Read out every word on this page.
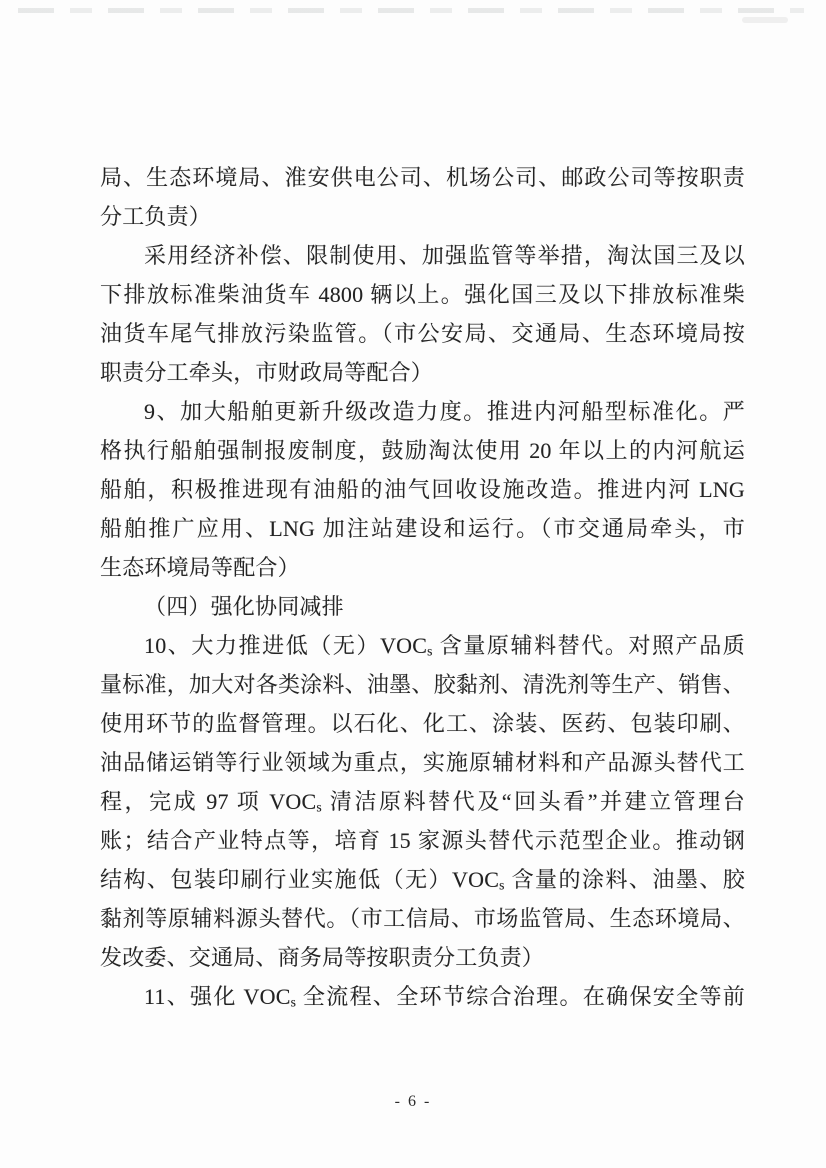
局、生态环境局、淮安供电公司、机场公司、邮政公司等按职责
分工负责）
采用经济补偿、限制使用、加强监管等举措，淘汰国三及以
下排放标准柴油货车 4800 辆以上。强化国三及以下排放标准柴
油货车尾气排放污染监管。（市公安局、交通局、生态环境局按
职责分工牵头，市财政局等配合）
9、加大船舶更新升级改造力度。推进内河船型标准化。严
格执行船舶强制报废制度，鼓励淘汰使用 20 年以上的内河航运
船舶，积极推进现有油船的油气回收设施改造。推进内河 LNG
船舶推广应用、LNG 加注站建设和运行。（市交通局牵头，市
生态环境局等配合）
（四）强化协同减排
10、大力推进低（无）$VOC_s$ 含量原辅料替代。对照产品质
量标准，加大对各类涂料、油墨、胶黏剂、清洗剂等生产、销售、
使用环节的监督管理。以石化、化工、涂装、医药、包装印刷、
油品储运销等行业领域为重点，实施原辅材料和产品源头替代工
程，完成 97 项 $VOC_s$ 清洁原料替代及“回头看”并建立管理台
账；结合产业特点等，培育 15 家源头替代示范型企业。推动钢
结构、包装印刷行业实施低（无）$VOC_s$ 含量的涂料、油墨、胶
黏剂等原辅料源头替代。（市工信局、市场监管局、生态环境局、
发改委、交通局、商务局等按职责分工负责）
11、强化 $VOC_s$ 全流程、全环节综合治理。在确保安全等前
- 6 -
